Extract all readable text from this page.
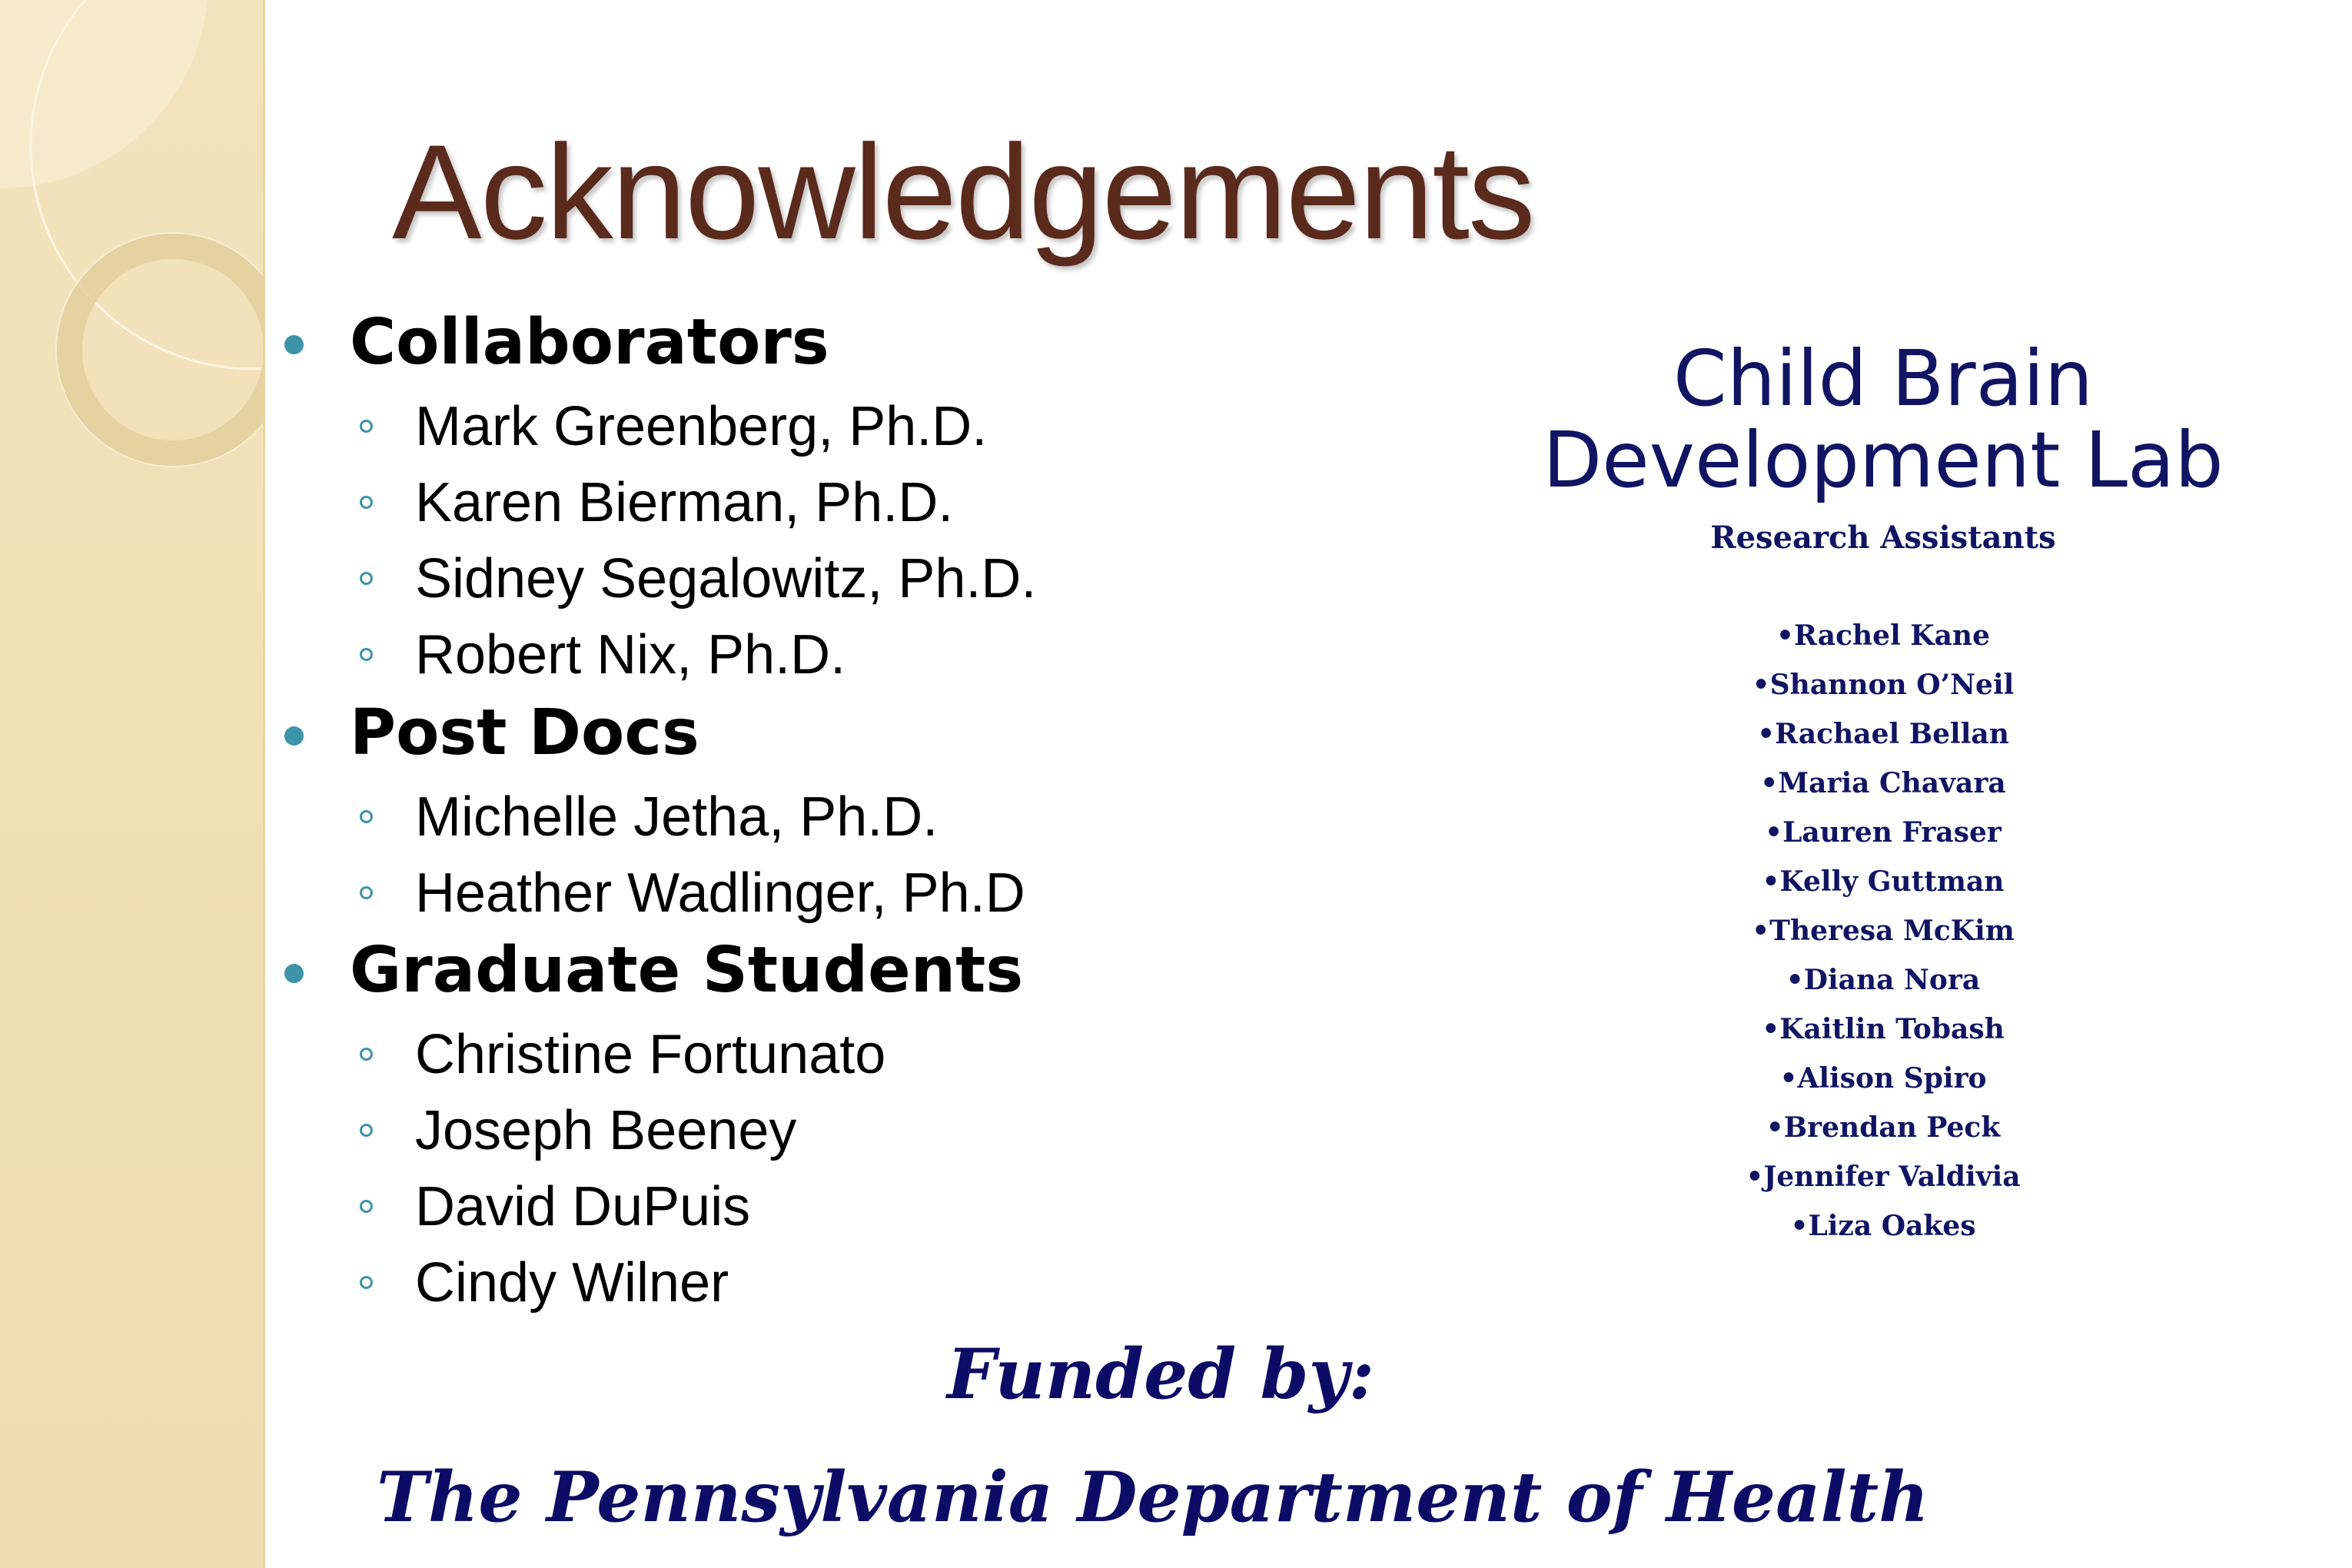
Acknowledgements
Collaborators
Mark Greenberg, Ph.D.
Karen Bierman, Ph.D.
Sidney Segalowitz, Ph.D.
Robert Nix, Ph.D.
Post Docs
Michelle Jetha, Ph.D.
Heather Wadlinger, Ph.D
Graduate Students
Christine Fortunato
Joseph Beeney
David DuPuis
Cindy Wilner
Child Brain
Development Lab
Research Assistants
•Rachel Kane
•Shannon O’Neil
•Rachael Bellan
•Maria Chavara
•Lauren Fraser
•Kelly Guttman
•Theresa McKim
•Diana Nora
•Kaitlin Tobash
•Alison Spiro
•Brendan Peck
•Jennifer Valdivia
•Liza Oakes
Funded by:
The Pennsylvania Department of Health
